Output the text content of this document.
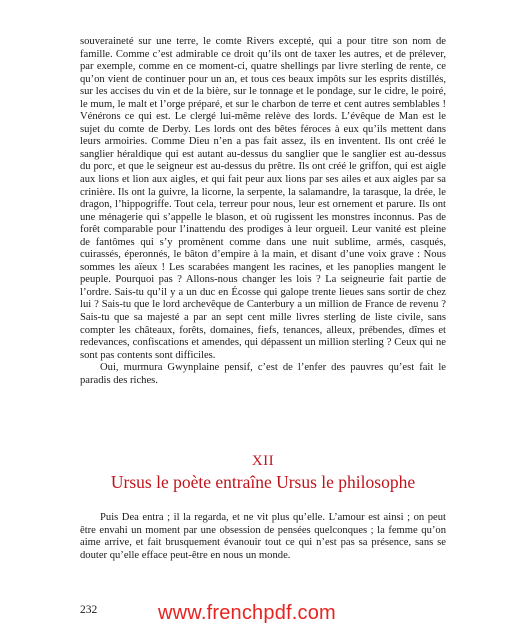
souveraineté sur une terre, le comte Rivers excepté, qui a pour titre son nom de famille. Comme c’est admirable ce droit qu’ils ont de taxer les autres, et de prélever, par exemple, comme en ce moment-ci, quatre shellings par livre sterling de rente, ce qu’on vient de continuer pour un an, et tous ces beaux impôts sur les esprits distillés, sur les accises du vin et de la bière, sur le tonnage et le pondage, sur le cidre, le poiré, le mum, le malt et l’orge préparé, et sur le charbon de terre et cent autres semblables ! Vénérons ce qui est. Le clergé lui-même relève des lords. L’évêque de Man est le sujet du comte de Derby. Les lords ont des bêtes féroces à eux qu’ils mettent dans leurs armoiries. Comme Dieu n’en a pas fait assez, ils en inventent. Ils ont créé le sanglier héraldique qui est autant au-dessus du sanglier que le sanglier est au-dessus du porc, et que le seigneur est au-dessus du prêtre. Ils ont créé le griffon, qui est aigle aux lions et lion aux aigles, et qui fait peur aux lions par ses ailes et aux aigles par sa crinière. Ils ont la guivre, la licorne, la serpente, la salamandre, la tarasque, la drée, le dragon, l’hippogriffe. Tout cela, terreur pour nous, leur est ornement et parure. Ils ont une ménagerie qui s’appelle le blason, et où rugissent les monstres inconnus. Pas de forêt comparable pour l’inattendu des prodiges à leur orgueil. Leur vanité est pleine de fantômes qui s’y promènent comme dans une nuit sublime, armés, casqués, cuirassés, éperonnés, le bâton d’empire à la main, et disant d’une voix grave : Nous sommes les aïeux ! Les scarabées mangent les racines, et les panoplies mangent le peuple. Pourquoi pas ? Allons-nous changer les lois ? La seigneurie fait partie de l’ordre. Sais-tu qu’il y a un duc en Écosse qui galope trente lieues sans sortir de chez lui ? Sais-tu que le lord archevêque de Canterbury a un million de France de revenu ? Sais-tu que sa majesté a par an sept cent mille livres sterling de liste civile, sans compter les châteaux, forêts, domaines, fiefs, tenances, alleux, prébendes, dîmes et redevances, confiscations et amendes, qui dépassent un million sterling ? Ceux qui ne sont pas contents sont difficiles.

Oui, murmura Gwynplaine pensif, c’est de l’enfer des pauvres qu’est fait le paradis des riches.

XII
Ursus le poète entraîne Ursus le philosophe

Puis Dea entra ; il la regarda, et ne vit plus qu’elle. L’amour est ainsi ; on peut être envahi un moment par une obsession de pensées quelconques ; la femme qu’on aime arrive, et fait brusquement évanouir tout ce qui n’est pas sa présence, sans se douter qu’elle efface peut-être en nous un monde.

232	www.frenchpdf.com
